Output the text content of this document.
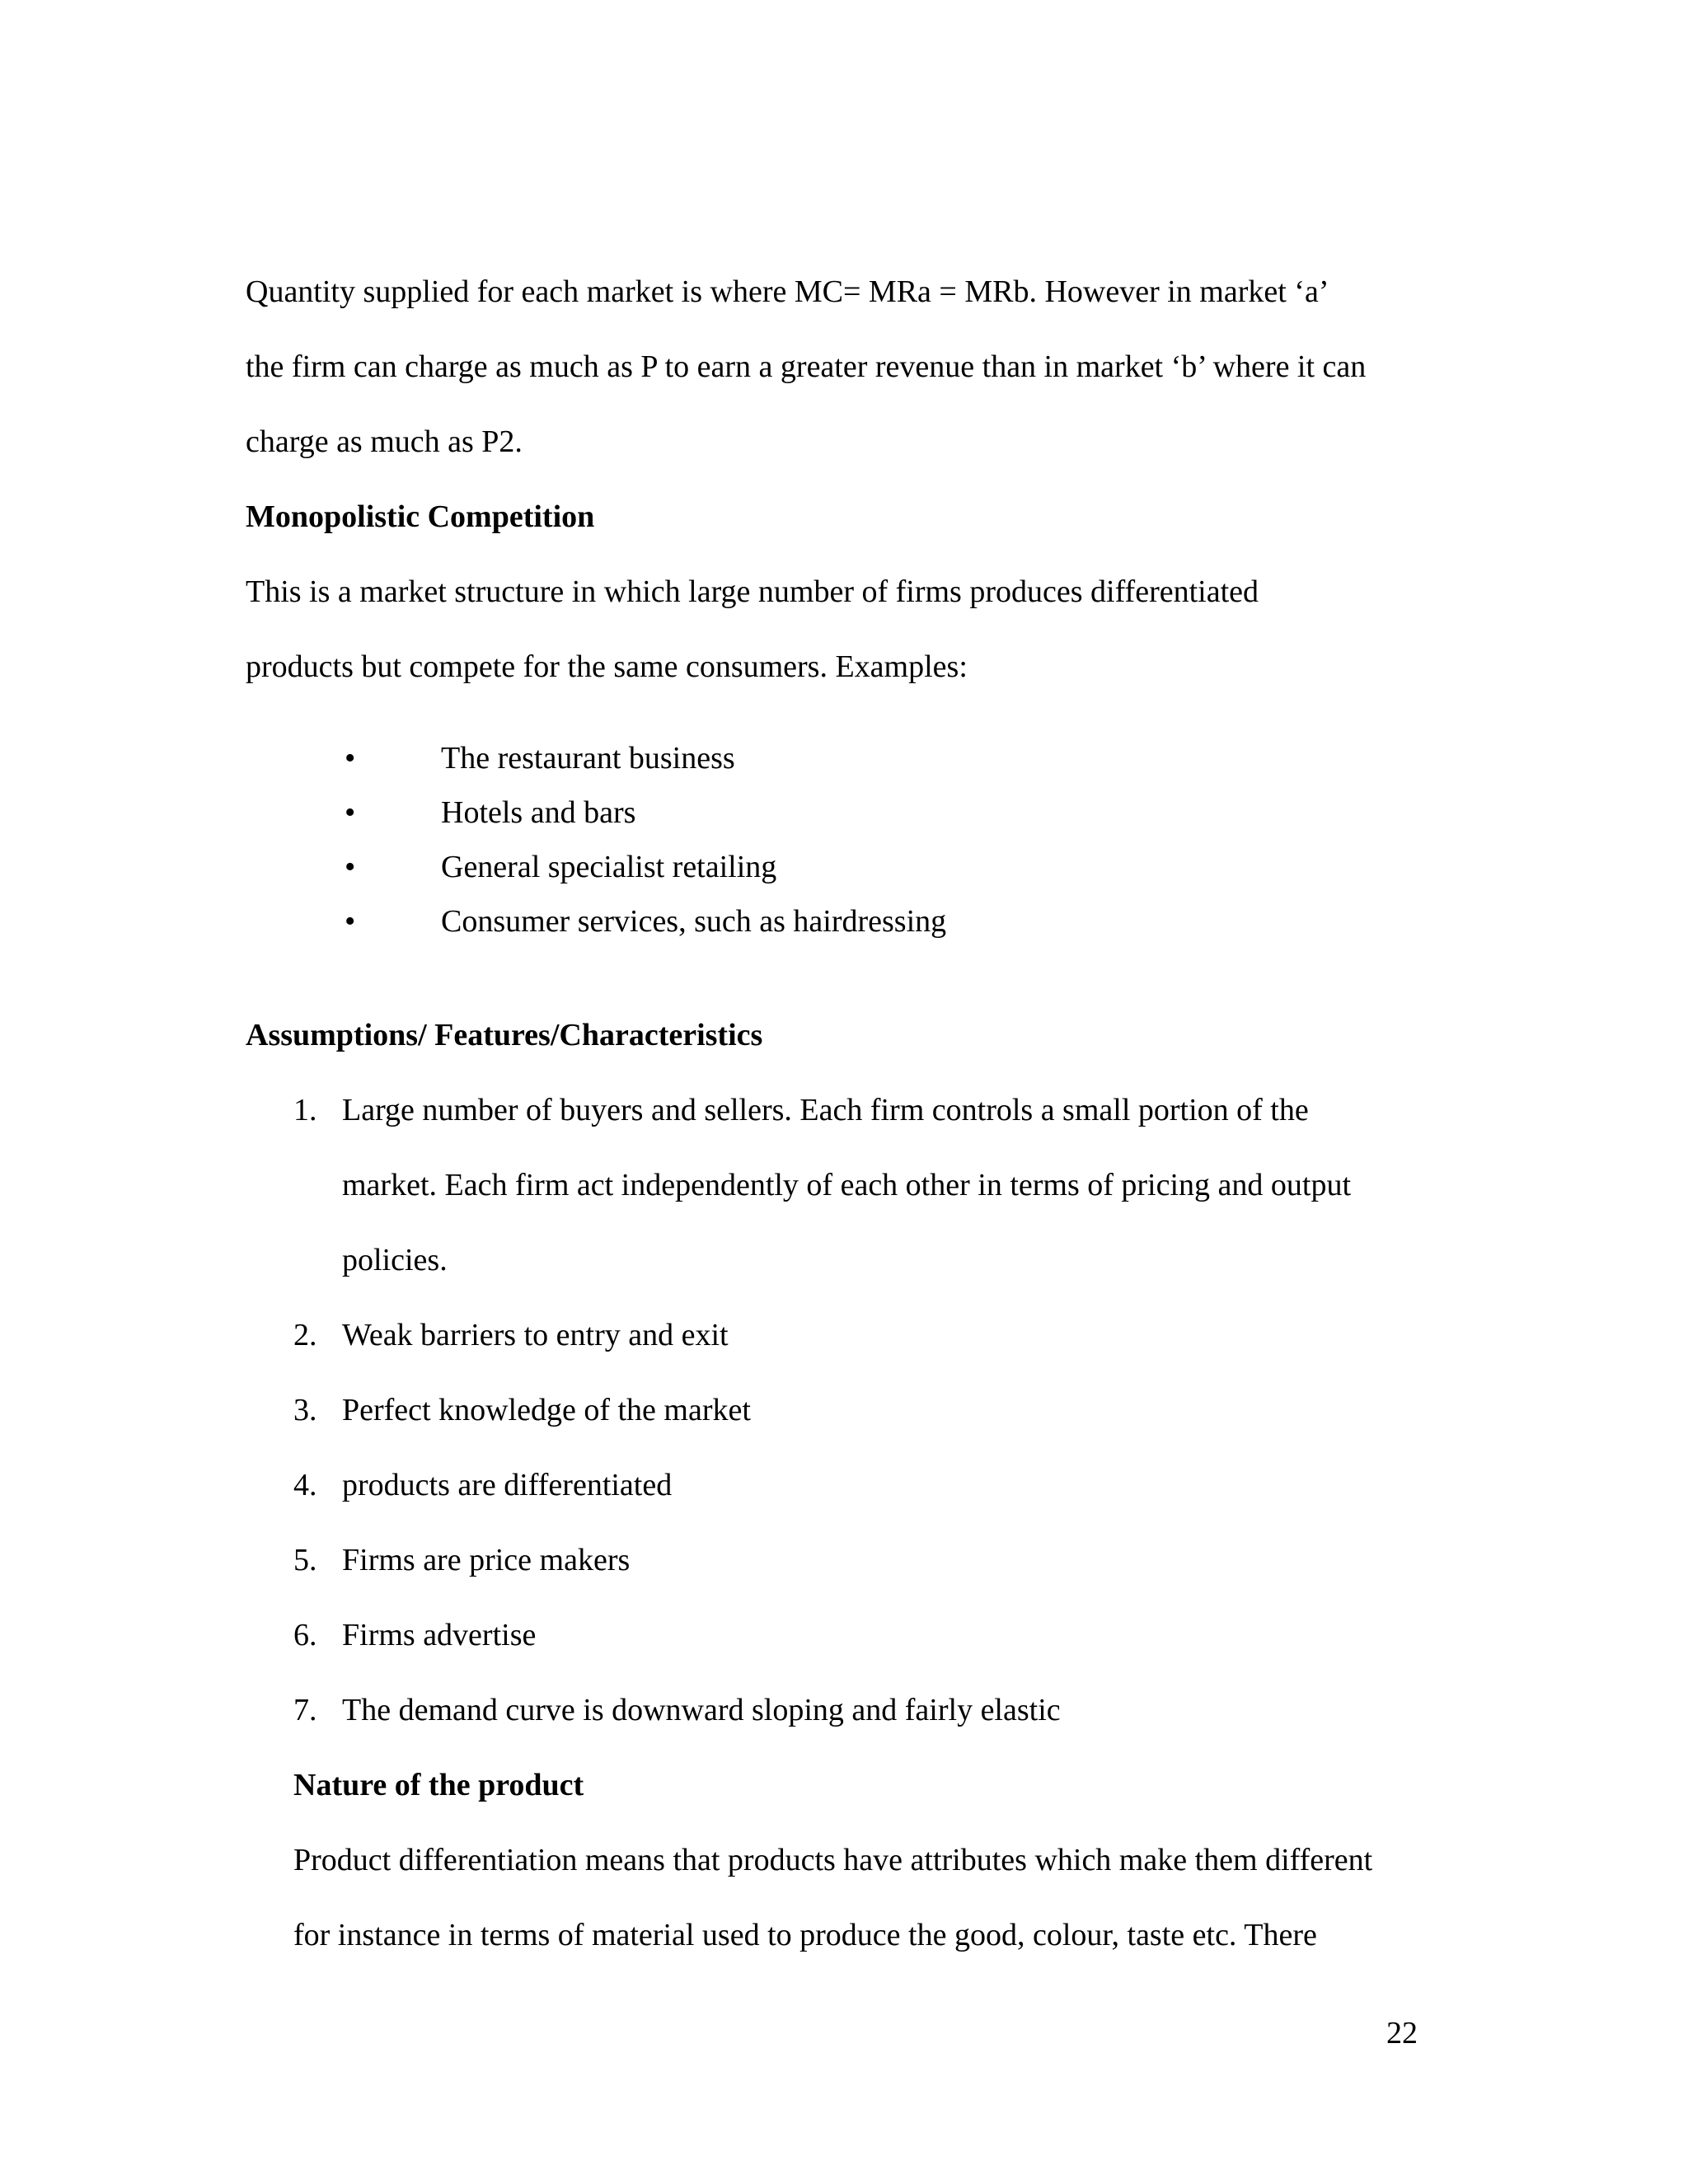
Quantity supplied for each market is where MC= MRa = MRb. However in market ‘a’
the firm can charge as much as P to earn a greater revenue than in market ‘b’ where it can
charge as much as P2.
Monopolistic Competition
This is a market structure in which large number of firms produces differentiated
products but compete for the same consumers. Examples:
•	The restaurant business
•	Hotels and bars
•	General specialist retailing
•	Consumer services, such as hairdressing
Assumptions/ Features/Characteristics
1. Large number of buyers and sellers. Each firm controls a small portion of the
market. Each firm act independently of each other in terms of pricing and output
policies.
2. Weak barriers to entry and exit
3. Perfect knowledge of the market
4. products are differentiated
5. Firms are price makers
6. Firms advertise
7. The demand curve is downward sloping and fairly elastic
Nature of the product
Product differentiation means that products have attributes which make them different
for instance in terms of material used to produce the good, colour, taste etc. There
22
